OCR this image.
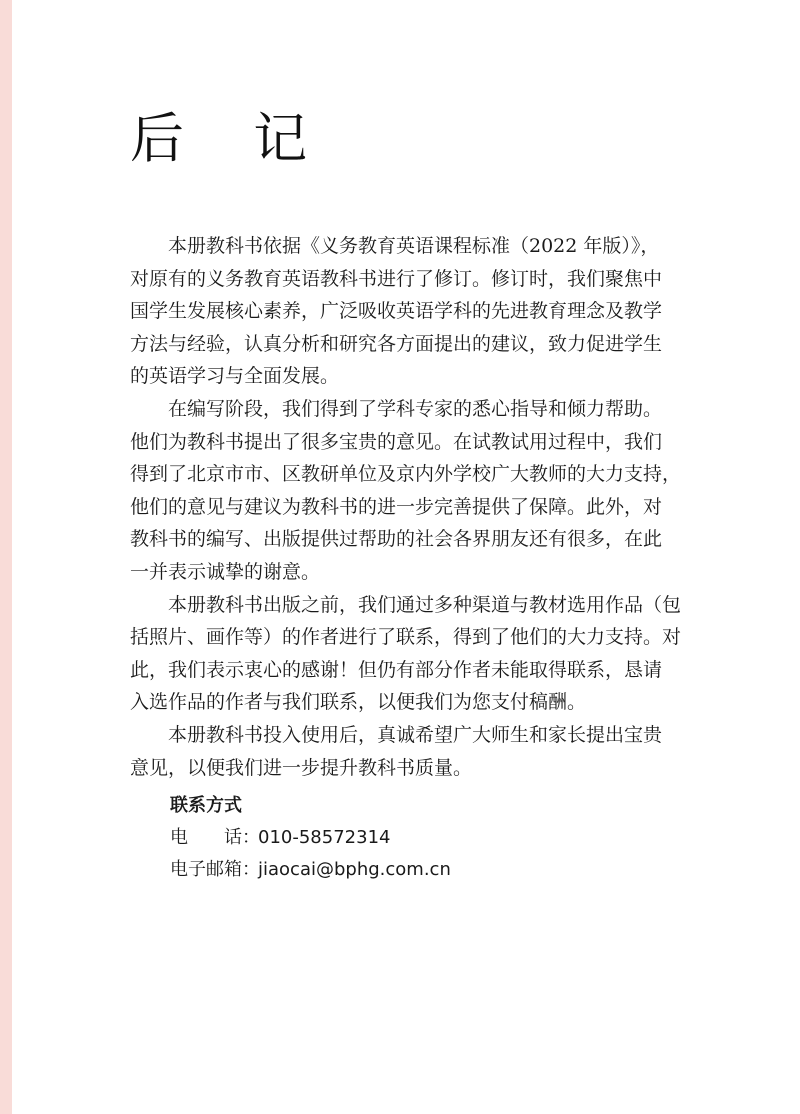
后 记

本册教科书依据《义务教育英语课程标准（2022 年版）》，
对原有的义务教育英语教科书进行了修订。修订时，我们聚焦中
国学生发展核心素养，广泛吸收英语学科的先进教育理念及教学
方法与经验，认真分析和研究各方面提出的建议，致力促进学生
的英语学习与全面发展。

在编写阶段，我们得到了学科专家的悉心指导和倾力帮助。
他们为教科书提出了很多宝贵的意见。在试教试用过程中，我们
得到了北京市市、区教研单位及京内外学校广大教师的大力支持，
他们的意见与建议为教科书的进一步完善提供了保障。此外，对
教科书的编写、出版提供过帮助的社会各界朋友还有很多，在此
一并表示诚挚的谢意。

本册教科书出版之前，我们通过多种渠道与教材选用作品（包
括照片、画作等）的作者进行了联系，得到了他们的大力支持。对
此，我们表示衷心的感谢！但仍有部分作者未能取得联系，恳请
入选作品的作者与我们联系，以便我们为您支付稿酬。

本册教科书投入使用后，真诚希望广大师生和家长提出宝贵
意见，以便我们进一步提升教科书质量。

联系方式
电　　话：
010-58572314
电子邮箱：
jiaocai@bphg.com.cn
